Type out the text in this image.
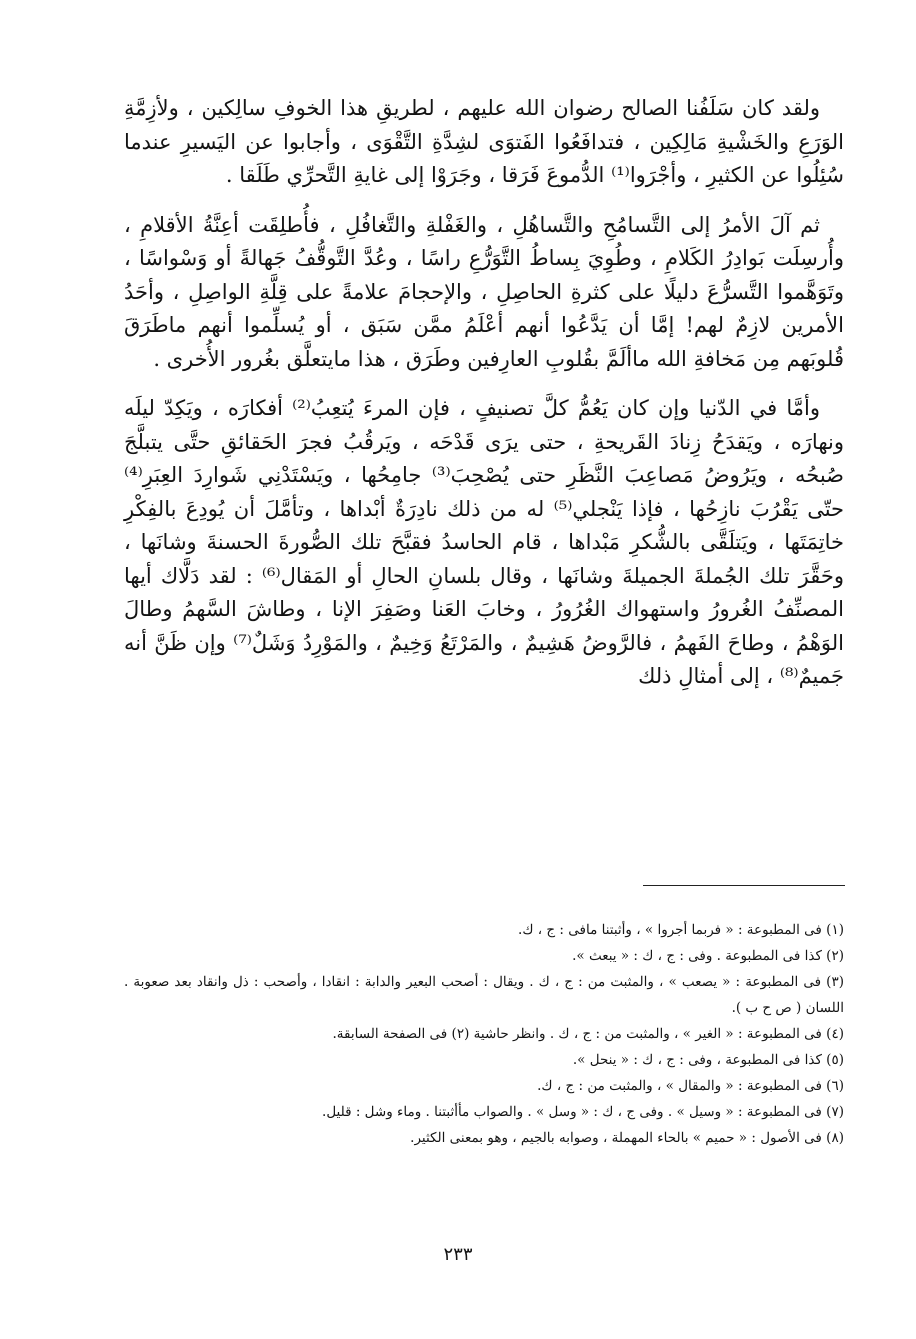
ولقد كان سَلَفُنا الصالح رضوان الله عليهم ، لطريقِ هذا الخوفِ سالِكين ، ولأزِمَّةِ الوَرَعِ والخَشْيةِ مَالِكِين ، فتدافَعُوا الفَتوَى لشِدَّةِ التَّقْوَى ، وأجابوا عن اليَسيرِ عندما سُئِلُوا عن الكثيرِ ، وأجْرَوا⁽¹⁾ الدُّموعَ فَرَقا ، وجَرَوْا إلى غايةِ التَّحرِّي طَلَقا .

ثم آلَ الأمرُ إلى التَّسامُحِ والتَّساهُلِ ، والغَفْلةِ والتَّغافُلِ ، فأُطلِقَت أعِنَّةُ الأقلامِ ، وأُرسِلَت بَوادِرُ الكَلامِ ، وطُوِيَ بِساطُ التَّوَرُّعِ راسًا ، وعُدَّ التَّوقُّفُ جَهالةً أو وَسْواسًا ، وتَوَهَّموا التَّسرُّعَ دليلًا على كثرةِ الحاصِلِ ، والإحجامَ علامةً على قِلَّةِ الواصِلِ ، وأحَدُ الأمرين لازِمٌ لهم! إمَّا أن يَدَّعُوا أنهم أعْلَمُ ممَّن سَبَق ، أو يُسلِّموا أنهم ماطَرَقَ قُلوبَهم مِن مَخافةِ الله ماألَمَّ بقُلوبِ العارِفين وطَرَق ، هذا مايتعلَّق بغُرور الأُخرى .

وأمَّا في الدّنيا وإن كان يَعُمُّ كلَّ تصنيفٍ ، فإن المرءَ يُتعِبُ⁽²⁾ أفكارَه ، ويَكِدّ ليلَه ونهارَه ، ويَقدَحُ زِنادَ القَريحةِ ، حتى يرَى قَدْحَه ، ويَرقُبُ فجرَ الحَقائقِ حتَّى يتبلَّجَ صُبحُه ، ويَرُوضُ مَصاعِبَ النَّظَرِ حتى يُصْحِبَ⁽³⁾ جامِحُها ، ويَسْتَدْنِي شَوارِدَ العِبَرِ⁽⁴⁾ حتّى يَقْرُبَ نازِحُها ، فإذا يَنْجلي⁽⁵⁾ له من ذلك نادِرَةٌ أبْداها ، وتأمَّلَ أن يُودِعَ بالفِكْرِ خاتِمَتَها ، ويَتلَقَّى بالشُّكرِ مَبْداها ، قام الحاسدُ فقبَّحَ تلك الصُّورةَ الحسنةَ وشانَها ، وحَقَّرَ تلك الجُملةَ الجميلةَ وشانَها ، وقال بلسانِ الحالِ أو المَقال⁽⁶⁾ : لقد دَلَّاك أيها المصنِّفُ الغُرورُ واستهواك الغُرُورُ ، وخابَ العَنا وصَفِرَ الإنا ، وطاشَ السَّهمُ وطالَ الوَهْمُ ، وطاحَ الفَهمُ ، فالرَّوضُ هَشِيمٌ ، والمَرْتَعُ وَخِيمٌ ، والمَوْرِدُ وَشَلٌ⁽⁷⁾ وإن ظَنَّ أنه جَميمٌ⁽⁸⁾ ، إلى أمثالِ ذلك

(١) فى المطبوعة : « فربما أجروا » ، وأثبتنا مافى : ج ، ك.

(٢) كذا فى المطبوعة . وفى : ج ، ك : « يبعث ».

(٣) فى المطبوعة : « يصعب » ، والمثبت من : ج ، ك . ويقال : أصحب البعير والدابة : انقادا ، وأصحب : ذل وانقاد بعد صعوبة . اللسان ( ص ح ب ).

(٤) فى المطبوعة : « الغير » ، والمثبت من : ج ، ك . وانظر حاشية (٢) فى الصفحة السابقة.

(٥) كذا فى المطبوعة ، وفى : ج ، ك : « ينحل ».

(٦) فى المطبوعة : « والمقال » ، والمثبت من : ج ، ك.

(٧) فى المطبوعة : « وسيل » . وفى ج ، ك : « وسل » . والصواب مأأثبتنا . وماء وشل : قليل.

(٨) فى الأصول : « حميم » بالحاء المهملة ، وصوابه بالجيم ، وهو بمعنى الكثير.

٢٣٣
